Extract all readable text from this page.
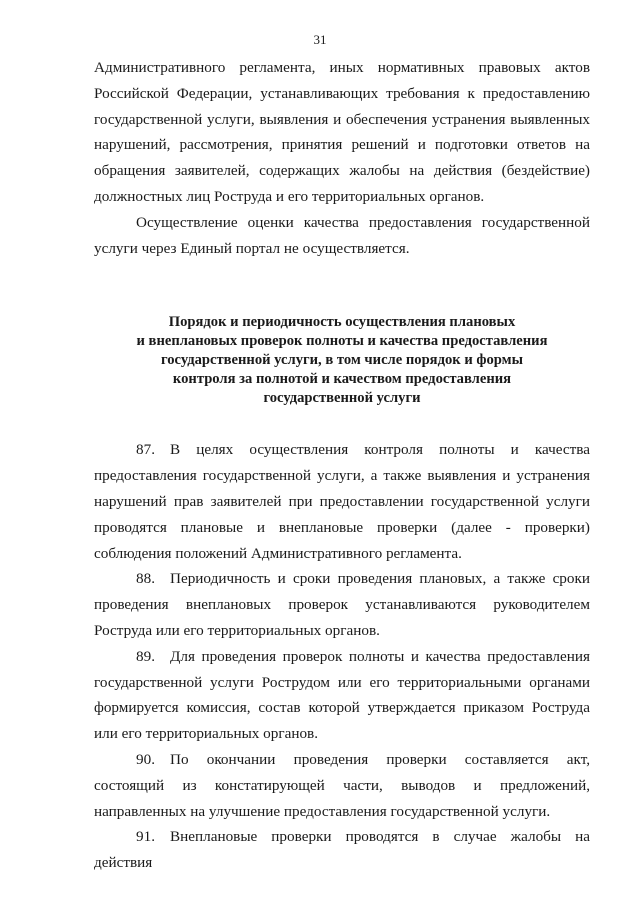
31

Административного регламента, иных нормативных правовых актов Российской Федерации, устанавливающих требования к предоставлению государственной услуги, выявления и обеспечения устранения выявленных нарушений, рассмотрения, принятия решений и подготовки ответов на обращения заявителей, содержащих жалобы на действия (бездействие) должностных лиц Роструда и его территориальных органов.

Осуществление оценки качества предоставления государственной услуги через Единый портал не осуществляется.

Порядок и периодичность осуществления плановых
и внеплановых проверок полноты и качества предоставления
государственной услуги, в том числе порядок и формы
контроля за полнотой и качеством предоставления
государственной услуги

87. В целях осуществления контроля полноты и качества предоставления государственной услуги, а также выявления и устранения нарушений прав заявителей при предоставлении государственной услуги проводятся плановые и внеплановые проверки (далее - проверки) соблюдения положений Административного регламента.

88. Периодичность и сроки проведения плановых, а также сроки проведения внеплановых проверок устанавливаются руководителем Роструда или его территориальных органов.

89. Для проведения проверок полноты и качества предоставления государственной услуги Рострудом или его территориальными органами формируется комиссия, состав которой утверждается приказом Роструда или его территориальных органов.

90. По окончании проведения проверки составляется акт, состоящий из констатирующей части, выводов и предложений, направленных на улучшение предоставления государственной услуги.

91. Внеплановые проверки проводятся в случае жалобы на действия
